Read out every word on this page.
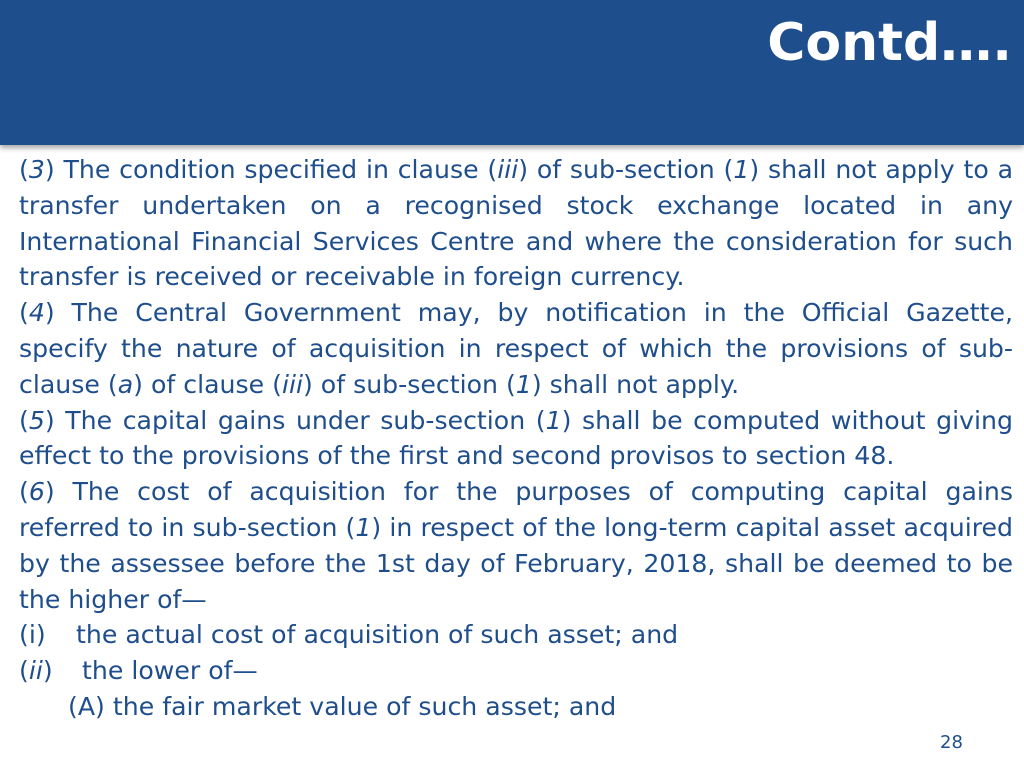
Contd….

(3) The condition specified in clause (iii) of sub-section (1) shall not apply to a transfer undertaken on a recognised stock exchange located in any International Financial Services Centre and where the consideration for such transfer is received or receivable in foreign currency.

(4) The Central Government may, by notification in the Official Gazette, specify the nature of acquisition in respect of which the provisions of sub-clause (a) of clause (iii) of sub-section (1) shall not apply.

(5) The capital gains under sub-section (1) shall be computed without giving effect to the provisions of the first and second provisos to section 48.

(6) The cost of acquisition for the purposes of computing capital gains referred to in sub-section (1) in respect of the long-term capital asset acquired by the assessee before the 1st day of February, 2018, shall be deemed to be the higher of—

(i) the actual cost of acquisition of such asset; and

(ii) the lower of—

(A) the fair market value of such asset; and

28
